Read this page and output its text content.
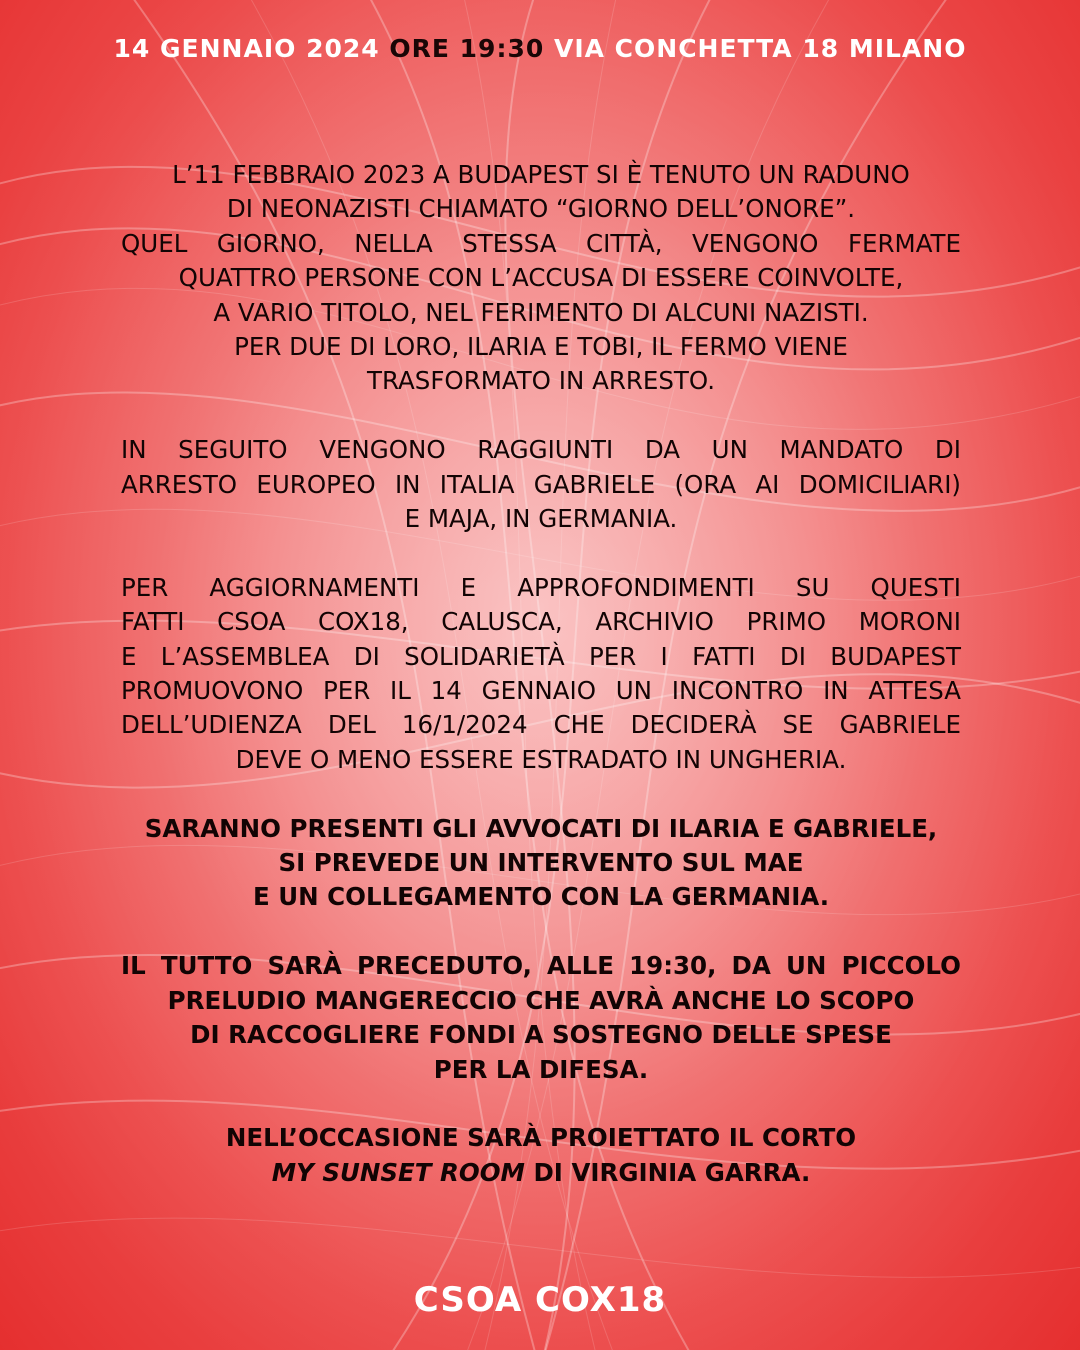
14 GENNAIO 2024 ORE 19:30 VIA CONCHETTA 18 MILANO
L’11 FEBBRAIO 2023 A BUDAPEST SI È TENUTO UN RADUNO
DI NEONAZISTI CHIAMATO “GIORNO DELL’ONORE”.
QUEL GIORNO, NELLA STESSA CITTÀ, VENGONO FERMATE
QUATTRO PERSONE CON L’ACCUSA DI ESSERE COINVOLTE,
A VARIO TITOLO, NEL FERIMENTO DI ALCUNI NAZISTI.
PER DUE DI LORO, ILARIA E TOBI, IL FERMO VIENE
TRASFORMATO IN ARRESTO.
IN SEGUITO VENGONO RAGGIUNTI DA UN MANDATO DI
ARRESTO EUROPEO IN ITALIA GABRIELE (ORA AI DOMICILIARI)
E MAJA, IN GERMANIA.
PER AGGIORNAMENTI E APPROFONDIMENTI SU QUESTI
FATTI CSOA COX18, CALUSCA, ARCHIVIO PRIMO MORONI
E L’ASSEMBLEA DI SOLIDARIETÀ PER I FATTI DI BUDAPEST
PROMUOVONO PER IL 14 GENNAIO UN INCONTRO IN ATTESA
DELL’UDIENZA DEL 16/1/2024 CHE DECIDERÀ SE GABRIELE
DEVE O MENO ESSERE ESTRADATO IN UNGHERIA.
SARANNO PRESENTI GLI AVVOCATI DI ILARIA E GABRIELE,
SI PREVEDE UN INTERVENTO SUL MAE
E UN COLLEGAMENTO CON LA GERMANIA.
IL TUTTO SARÀ PRECEDUTO, ALLE 19:30, DA UN PICCOLO
PRELUDIO MANGERECCIO CHE AVRÀ ANCHE LO SCOPO
DI RACCOGLIERE FONDI A SOSTEGNO DELLE SPESE
PER LA DIFESA.
NELL’OCCASIONE SARÀ PROIETTATO IL CORTO
MY SUNSET ROOM DI VIRGINIA GARRA.
CSOA COX18
